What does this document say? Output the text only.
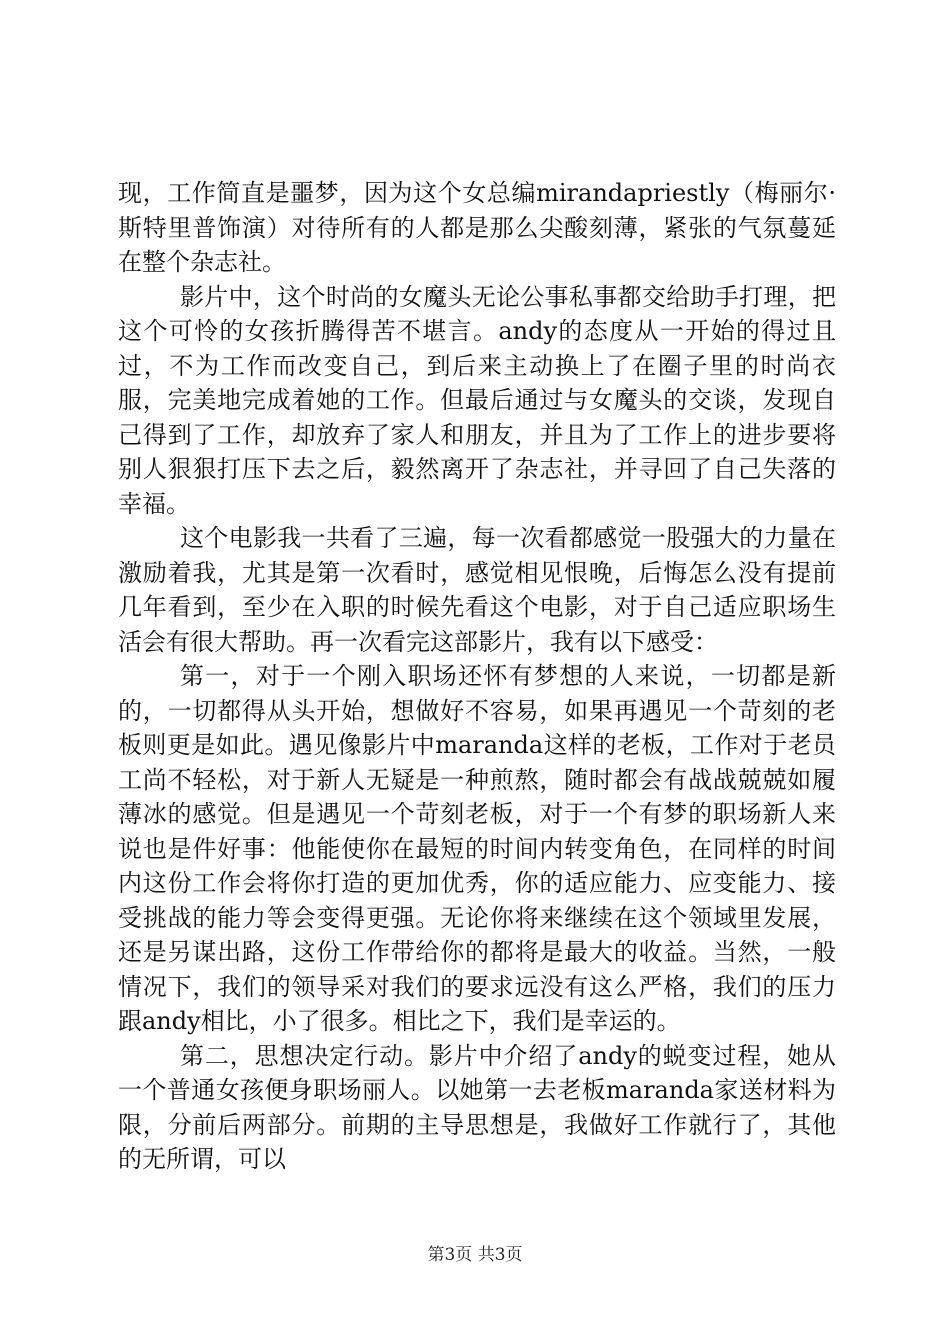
现，工作简直是噩梦，因为这个女总编mirandapriestly（梅丽尔·斯特里普饰演）对待所有的人都是那么尖酸刻薄，紧张的气氛蔓延在整个杂志社。

影片中，这个时尚的女魔头无论公事私事都交给助手打理，把这个可怜的女孩折腾得苦不堪言。andy的态度从一开始的得过且过，不为工作而改变自己，到后来主动换上了在圈子里的时尚衣服，完美地完成着她的工作。但最后通过与女魔头的交谈，发现自己得到了工作，却放弃了家人和朋友，并且为了工作上的进步要将别人狠狠打压下去之后，毅然离开了杂志社，并寻回了自己失落的幸福。

这个电影我一共看了三遍，每一次看都感觉一股强大的力量在激励着我，尤其是第一次看时，感觉相见恨晚，后悔怎么没有提前几年看到，至少在入职的时候先看这个电影，对于自己适应职场生活会有很大帮助。再一次看完这部影片，我有以下感受：

第一，对于一个刚入职场还怀有梦想的人来说，一切都是新的，一切都得从头开始，想做好不容易，如果再遇见一个苛刻的老板则更是如此。遇见像影片中maranda这样的老板，工作对于老员工尚不轻松，对于新人无疑是一种煎熬，随时都会有战战兢兢如履薄冰的感觉。但是遇见一个苛刻老板，对于一个有梦的职场新人来说也是件好事：他能使你在最短的时间内转变角色，在同样的时间内这份工作会将你打造的更加优秀，你的适应能力、应变能力、接受挑战的能力等会变得更强。无论你将来继续在这个领域里发展，还是另谋出路，这份工作带给你的都将是最大的收益。当然，一般情况下，我们的领导采对我们的要求远没有这么严格，我们的压力跟andy相比，小了很多。相比之下，我们是幸运的。

第二，思想决定行动。影片中介绍了andy的蜕变过程，她从一个普通女孩便身职场丽人。以她第一去老板maranda家送材料为限，分前后两部分。前期的主导思想是，我做好工作就行了，其他的无所谓，可以

第3页 共3页
